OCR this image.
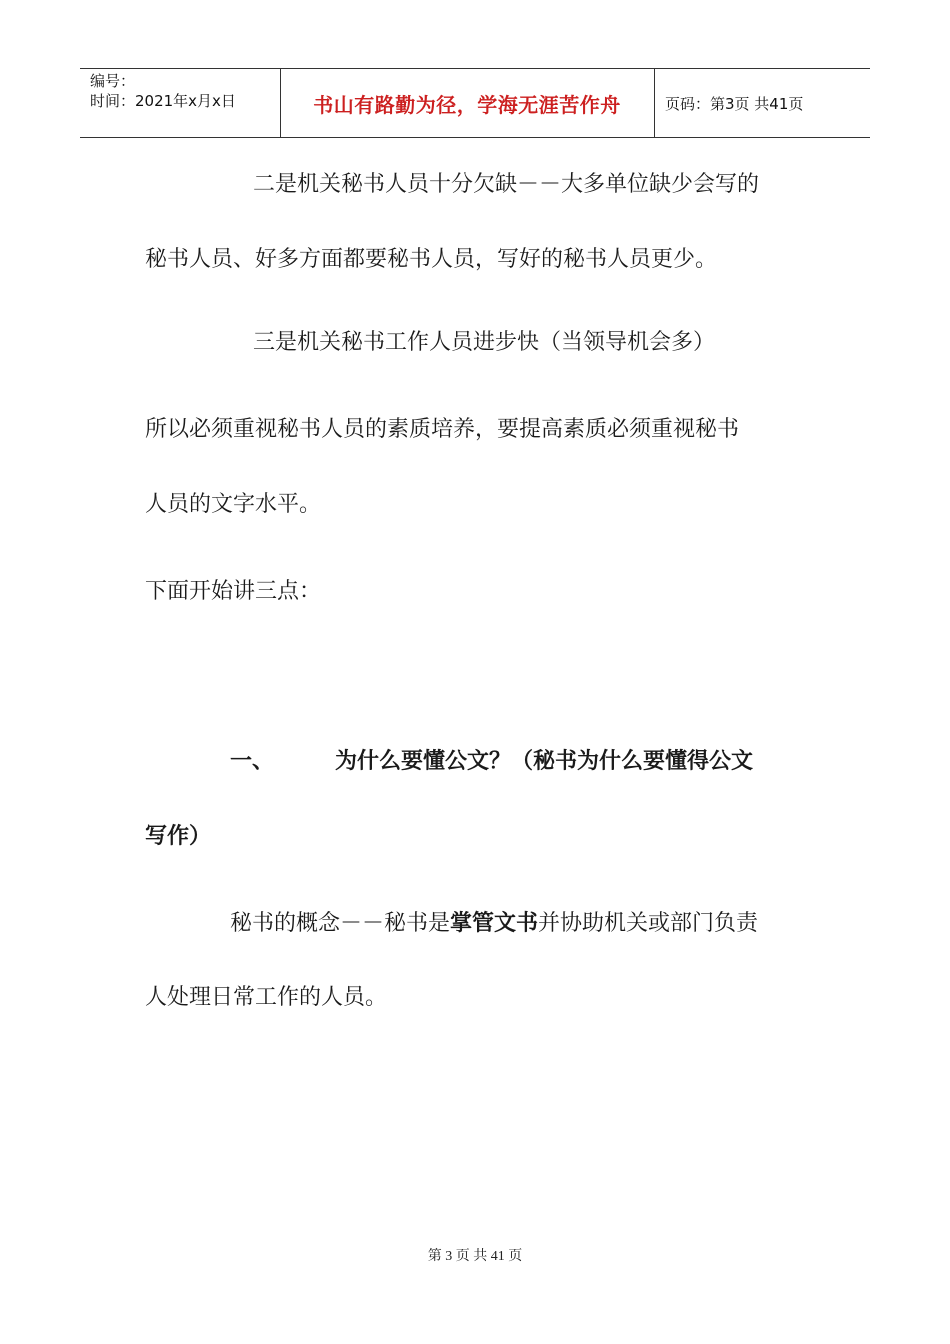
编号：
时间：2021年x月x日	书山有路勤为径，学海无涯苦作舟	页码：第3页 共41页
二是机关秘书人员十分欠缺－－大多单位缺少会写的
秘书人员、好多方面都要秘书人员，写好的秘书人员更少。
三是机关秘书工作人员进步快（当领导机会多）
所以必须重视秘书人员的素质培养，要提高素质必须重视秘书
人员的文字水平。
下面开始讲三点：
一、	为什么要懂公文？（秘书为什么要懂得公文
写作）
秘书的概念－－秘书是掌管文书并协助机关或部门负责
人处理日常工作的人员。
第 3 页 共 41 页
